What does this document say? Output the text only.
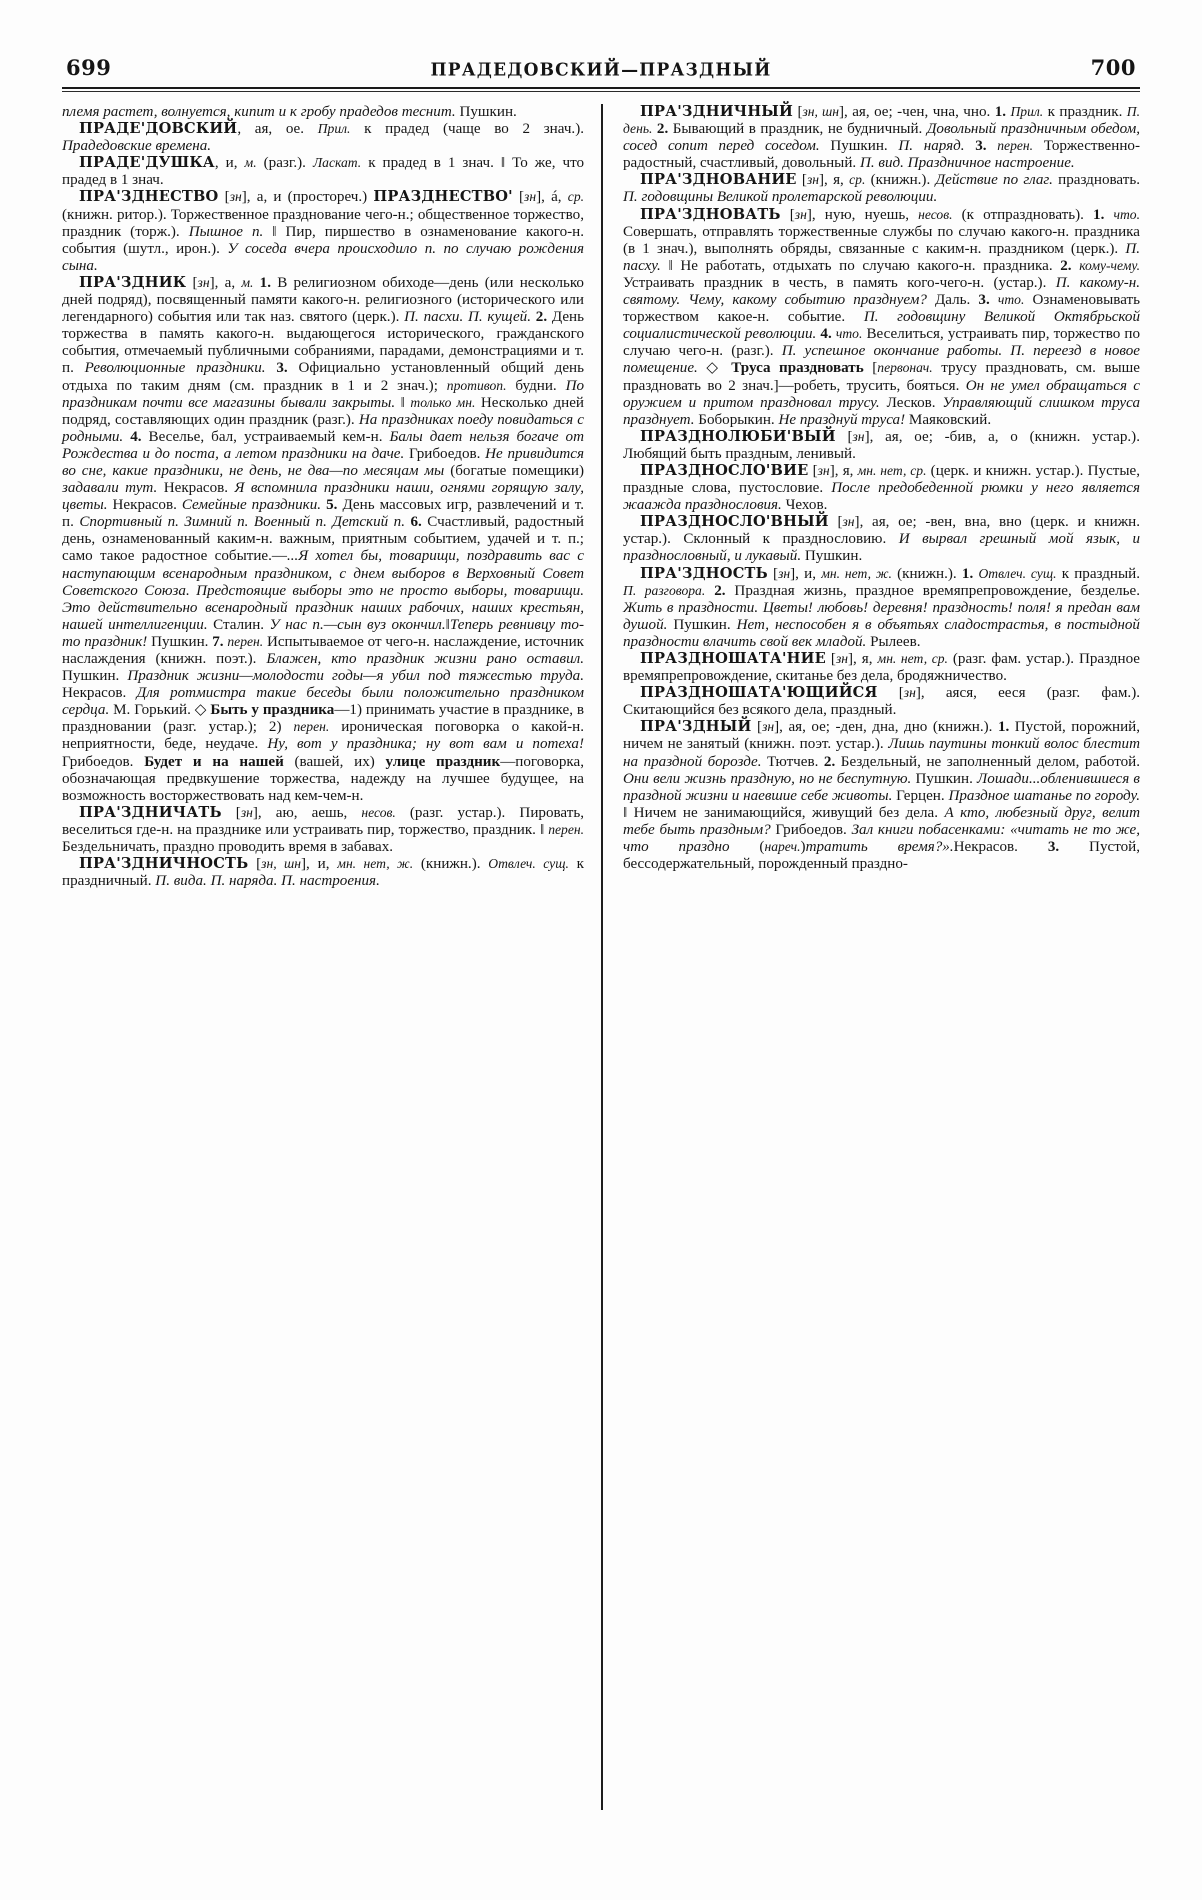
699	ПРАДЕДОВСКИЙ—ПРАЗДНЫЙ	700

племя растет, волнуется, кипит и к гробу прадедов теснит. Пушкин.

ПРАДЕ'ДОВСКИЙ, ая, ое. Прил. к прадед (чаще во 2 знач.). Прадедовские времена.

ПРАДЕ'ДУШКА, и, м. (разг.). Ласкат. к прадед в 1 знач. ‖ То же, что прадед в 1 знач.

ПРА'ЗДНЕСТВО [зн], а, и (простореч.) ПРАЗДНЕСТВО' [зн], á, ср. (книжн. ритор.). Торжественное празднование чего-н.; общественное торжество, праздник (торж.). Пышное п. ‖ Пир, пиршество в ознаменование какого-н. события (шутл., ирон.). У соседа вчера происходило п. по случаю рождения сына.

ПРА'ЗДНИК [зн], а, м. 1. В религиозном обиходе—день (или несколько дней подряд), посвященный памяти какого-н. религиозного (исторического или легендарного) события или так наз. святого (церк.). П. пасхи. П. кущей. 2. День торжества в память какого-н. выдающегося исторического, гражданского события, отмечаемый публичными собраниями, парадами, демонстрациями и т. п. Революционные праздники. 3. Официально установленный общий день отдыха по таким дням (см. праздник в 1 и 2 знач.); противоп. будни. По праздникам почти все магазины бывали закрыты. ‖ только мн. Несколько дней подряд, составляющих один праздник (разг.). На праздниках поеду повидаться с родными. 4. Веселье, бал, устраиваемый кем-н. Балы дает нельзя богаче от Рождества и до поста, а летом праздники на даче. Грибоедов. Не привидится во сне, какие праздники, не день, не два—по месяцам мы (богатые помещики) задавали тут. Некрасов. Я вспомнила праздники наши, огнями горящую залу, цветы. Некрасов. Семейные праздники. 5. День массовых игр, развлечений и т. п. Спортивный п. Зимний п. Военный п. Детский п. 6. Счастливый, радостный день, ознаменованный каким-н. важным, приятным событием, удачей и т. п.; само такое радостное событие.—...Я хотел бы, товарищи, поздравить вас с наступающим всенародным праздником, с днем выборов в Верховный Совет Советского Союза. Предстоящие выборы это не просто выборы, товарищи. Это действительно всенародный праздник наших рабочих, наших крестьян, нашей интеллигенции. Сталин. У нас п.—сын вуз окончил.‖Теперь ревнивцу то-то праздник! Пушкин. 7. перен. Испытываемое от чего-н. наслаждение, источник наслаждения (книжн. поэт.). Блажен, кто праздник жизни рано оставил. Пушкин. Праздник жизни—молодости годы—я убил под тяжестью труда. Некрасов. Для ротмистра такие беседы были положительно праздником сердца. М. Горький. ◇ Быть у праздника—1) принимать участие в празднике, в праздновании (разг. устар.); 2) перен. ироническая поговорка о какой-н. неприятности, беде, неудаче. Ну, вот у праздника; ну вот вам и потеха! Грибоедов. Будет и на нашей (вашей, их) улице праздник—поговорка, обозначающая предвкушение торжества, надежду на лучшее будущее, на возможность восторжествовать над кем-чем-н.

ПРА'ЗДНИЧАТЬ [зн], аю, аешь, несов. (разг. устар.). Пировать, веселиться где-н. на празднике или устраивать пир, торжество, праздник. ‖ перен. Бездельничать, праздно проводить время в забавах.

ПРА'ЗДНИЧНОСТЬ [зн, шн], и, мн. нет, ж. (книжн.). Отвлеч. сущ. к праздничный. П. вида. П. наряда. П. настроения.

ПРА'ЗДНИЧНЫЙ [зн, шн], ая, ое; -чен, чна, чно. 1. Прил. к праздник. П. день. 2. Бывающий в праздник, не будничный. Довольный праздничным обедом, сосед сопит перед соседом. Пушкин. П. наряд. 3. перен. Торжественно-радостный, счастливый, довольный. П. вид. Праздничное настроение.

ПРА'ЗДНОВАНИЕ [зн], я, ср. (книжн.). Действие по глаг. праздновать. П. годовщины Великой пролетарской революции.

ПРА'ЗДНОВАТЬ [зн], ную, нуешь, несов. (к отпраздновать). 1. что. Совершать, отправлять торжественные службы по случаю какого-н. праздника (в 1 знач.), выполнять обряды, связанные с каким-н. праздником (церк.). П. пасху. ‖ Не работать, отдыхать по случаю какого-н. праздника. 2. кому-чему. Устраивать праздник в честь, в память кого-чего-н. (устар.). П. какому-н. святому. Чему, какому событию празднуем? Даль. 3. что. Ознаменовывать торжеством какое-н. событие. П. годовщину Великой Октябрьской социалистической революции. 4. что. Веселиться, устраивать пир, торжество по случаю чего-н. (разг.). П. успешное окончание работы. П. переезд в новое помещение. ◇ Труса праздновать [первонач. трусу праздновать, см. выше праздновать во 2 знач.]—робеть, трусить, бояться. Он не умел обращаться с оружием и притом праздновал трусу. Лесков. Управляющий слишком труса празднует. Боборыкин. Не празднуй труса! Маяковский.

ПРАЗДНОЛЮБИ'ВЫЙ [зн], ая, ое; -бив, а, о (книжн. устар.). Любящий быть праздным, ленивый.

ПРАЗДНОСЛО'ВИЕ [зн], я, мн. нет, ср. (церк. и книжн. устар.). Пустые, праздные слова, пустословие. После предобеденной рюмки у него является жаажда празднословия. Чехов.

ПРАЗДНОСЛО'ВНЫЙ [зн], ая, ое; -вен, вна, вно (церк. и книжн. устар.). Склонный к празднословию. И вырвал грешный мой язык, и празднословный, и лукавый. Пушкин.

ПРА'ЗДНОСТЬ [зн], и, мн. нет, ж. (книжн.). 1. Отвлеч. сущ. к праздный. П. разговора. 2. Праздная жизнь, праздное времяпрепровождение, безделье. Жить в праздности. Цветы! любовь! деревня! праздность! поля! я предан вам душой. Пушкин. Нет, неспособен я в объятьях сладострастья, в постыдной праздности влачить свой век младой. Рылеев.

ПРАЗДНОШАТА'НИЕ [зн], я, мн. нет, ср. (разг. фам. устар.). Праздное времяпрепровождение, скитанье без дела, бродяжничество.

ПРАЗДНОШАТА'ЮЩИЙСЯ [зн], аяся, ееся (разг. фам.). Скитающийся без всякого дела, праздный.

ПРА'ЗДНЫЙ [зн], ая, ое; -ден, дна, дно (книжн.). 1. Пустой, порожний, ничем не занятый (книжн. поэт. устар.). Лишь паутины тонкий волос блестит на праздной борозде. Тютчев. 2. Бездельный, не заполненный делом, работой. Они вели жизнь праздную, но не беспутную. Пушкин. Лошади...обленившиеся в праздной жизни и наевшие себе животы. Герцен. Праздное шатанье по городу. ‖ Ничем не занимающийся, живущий без дела. А кто, любезный друг, велит тебе быть праздным? Грибоедов. Зал книги побасенками: «читать не то же, что праздно (нареч.)тратить время?».Некрасов. 3. Пустой, бессодержательный, порожденный праздно-
